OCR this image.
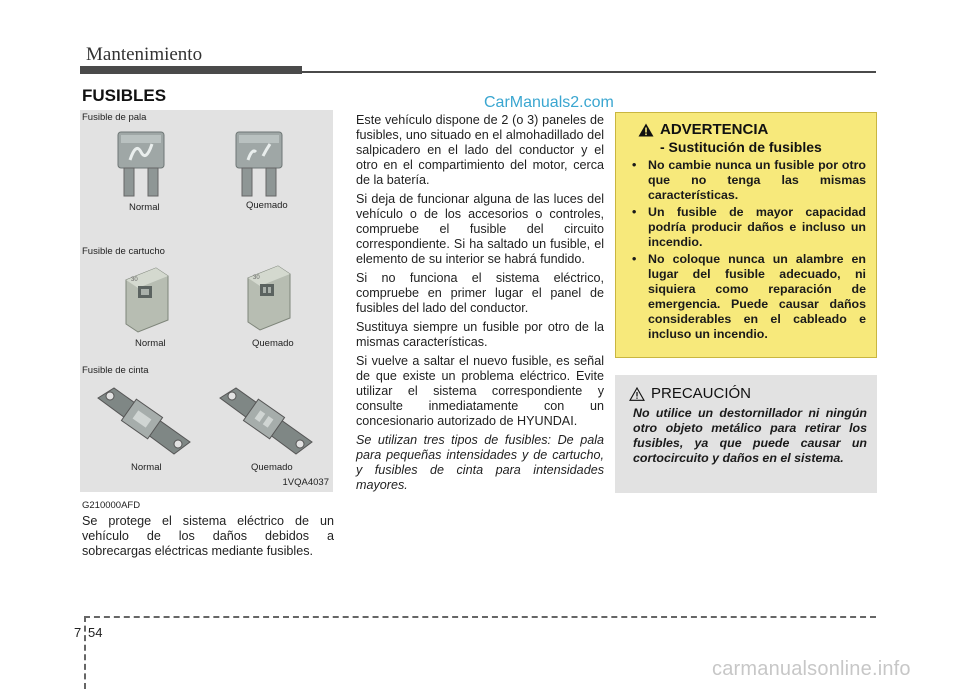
Mantenimiento
FUSIBLES	CarManuals2.com
Fusible de pala
Normal	Quemado
Fusible de cartucho
30	30
Normal	Quemado
Fusible de cinta
Normal	Quemado
1VQA4037
G210000AFD

Se protege el sistema eléctrico de un vehículo de los daños debidos a sobrecargas eléctricas mediante fusibles.

Este vehículo dispone de 2 (o 3) paneles de fusibles, uno situado en el almohadillado del salpicadero en el lado del conductor y el otro en el compartimiento del motor, cerca de la batería.

Si deja de funcionar alguna de las luces del vehículo o de los accesorios o controles, compruebe el fusible del circuito correspondiente. Si ha saltado un fusible, el elemento de su interior se habrá fundido.

Si no funciona el sistema eléctrico, compruebe en primer lugar el panel de fusibles del lado del conductor.

Sustituya siempre un fusible por otro de la mismas características.

Si vuelve a saltar el nuevo fusible, es señal de que existe un problema eléctrico. Evite utilizar el sistema correspondiente y consulte inmediatamente con un concesionario autorizado de HYUNDAI.

Se utilizan tres tipos de fusibles: De pala para pequeñas intensidades y de cartucho, y fusibles de cinta para intensidades mayores.

ADVERTENCIA
- Sustitución de fusibles
• No cambie nunca un fusible por otro que no tenga las mismas características.
• Un fusible de mayor capacidad podría producir daños e incluso un incendio.
• No coloque nunca un alambre en lugar del fusible adecuado, ni siquiera como reparación de emergencia. Puede causar daños considerables en el cableado e incluso un incendio.
PRECAUCIÓN
No utilice un destornillador ni ningún otro objeto metálico para retirar los fusibles, ya que puede causar un cortocircuito y daños en el sistema.
7 54
carmanualsonline.info
